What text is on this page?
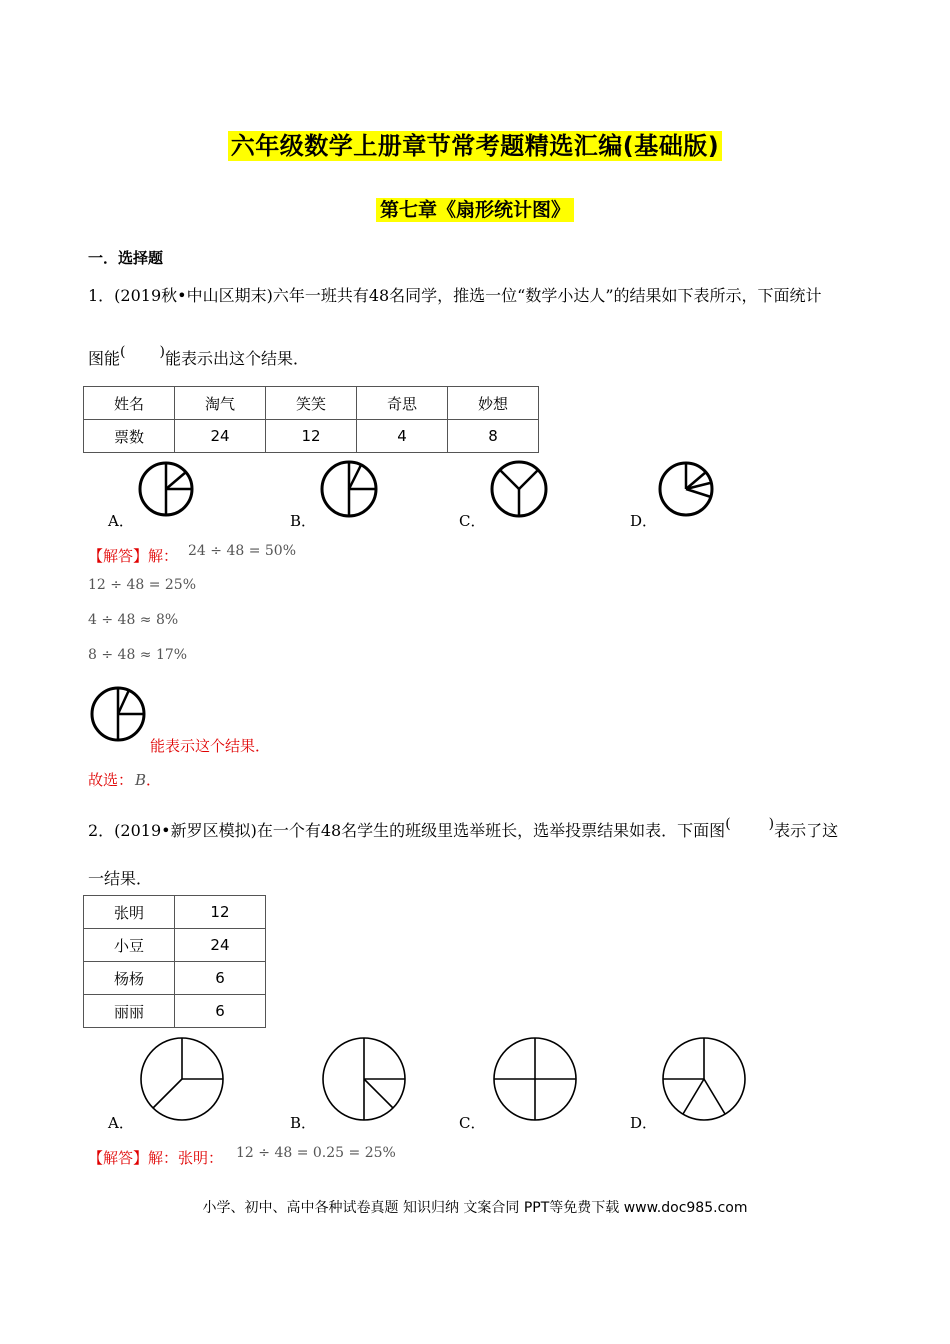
六年级数学上册章节常考题精选汇编(基础版)
第七章《扇形统计图》
一．选择题
1．(2019秋•中山区期末)六年一班共有48名同学，推选一位“数学小达人”的结果如下表所示，下面统计
图能( )能表示出这个结果．
姓名	淘气	笑笑	奇思	妙想
票数	24	12	4	8
A．	B．	C．	D．
【解答】解： 24 ÷ 48 = 50%
12 ÷ 48 = 25%
4 ÷ 48 ≈ 8%
8 ÷ 48 ≈ 17%
能表示这个结果．
故选： B．
2．(2019•新罗区模拟)在一个有48名学生的班级里选举班长，选举投票结果如表．下面图(	)表示了这
一结果．
张明	12
小豆	24
杨杨	6
丽丽	6
A．	B．	C．	D．
【解答】解：张明： 12 ÷ 48 = 0.25 = 25%
小学、初中、高中各种试卷真题 知识归纳 文案合同 PPT等免费下载 www.doc985.com
